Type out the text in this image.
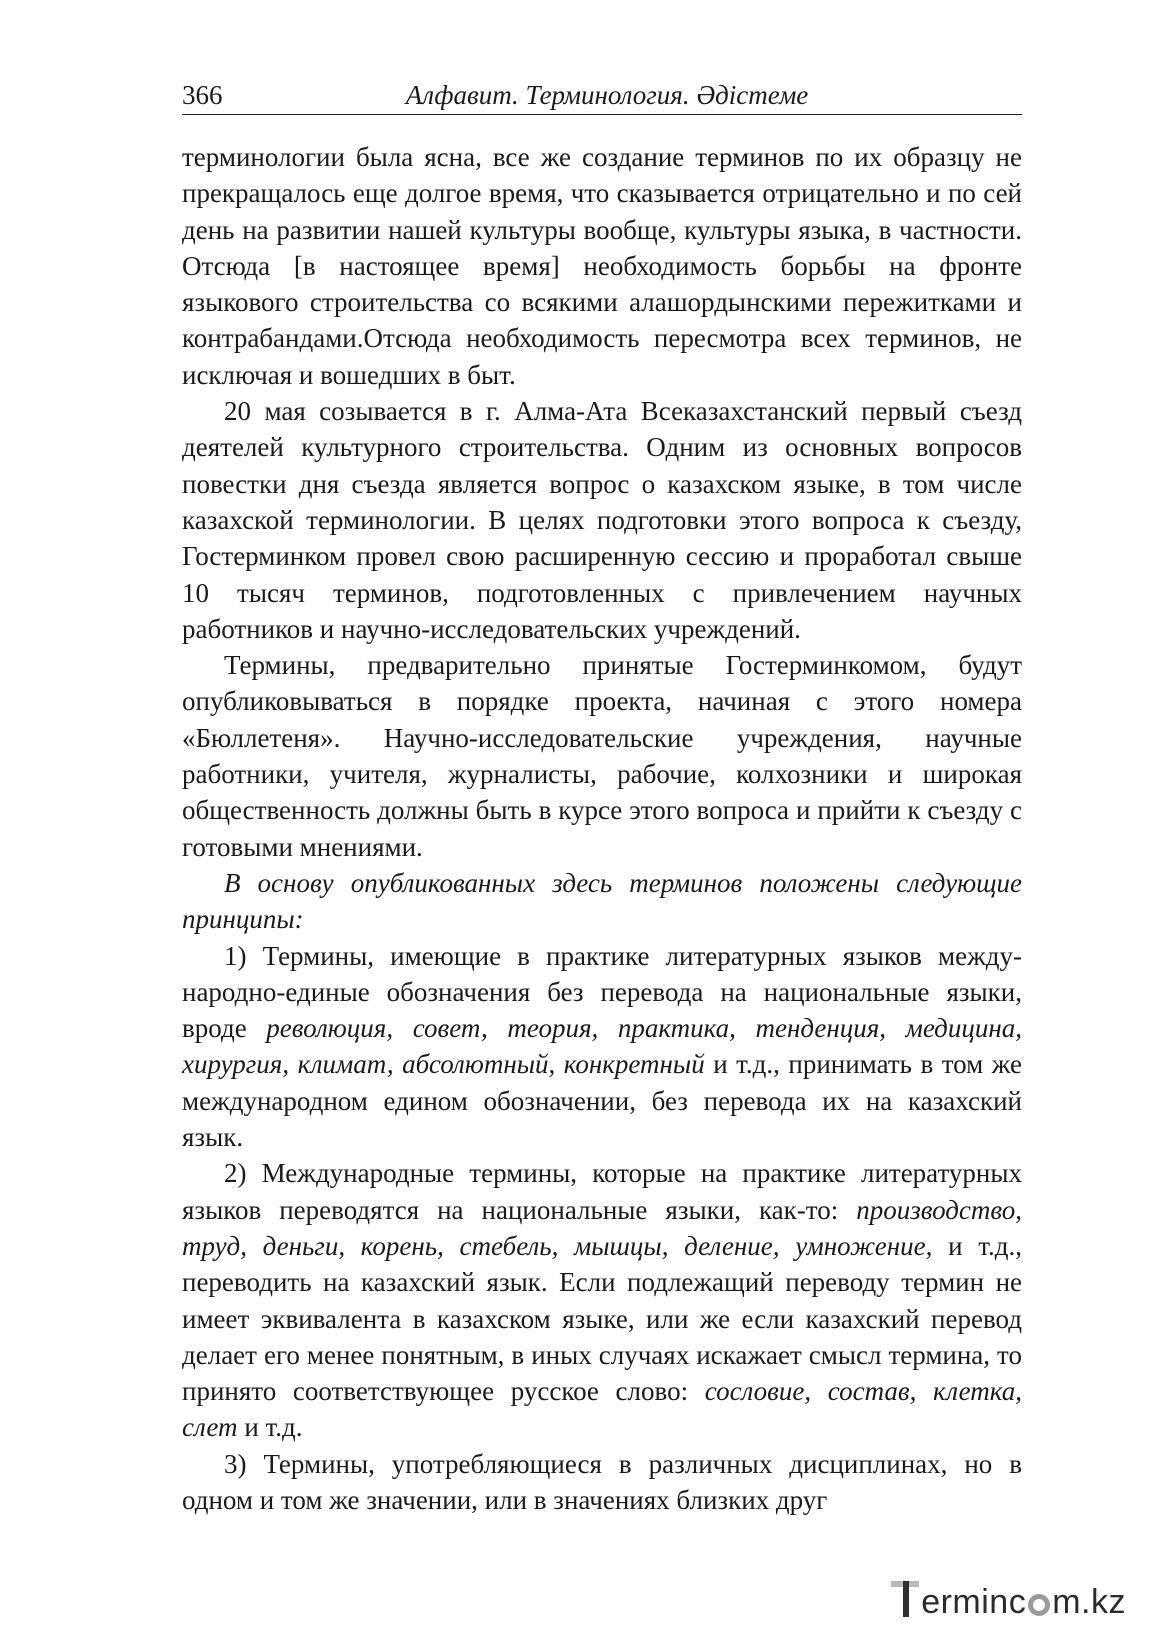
366	Алфавит. Терминология. Әдістеме

терминологии была ясна, все же создание терминов по их образцу не прекращалось еще долгое время, что сказывается отрицательно и по сей день на развитии нашей культуры вообще, культуры языка, в частности. Отсюда [в настоящее время] необходимость борьбы на фронте языкового строительства со всякими алашордынскими пережитками и контрабандами.Отсюда необходимость пересмотра всех терминов, не исключая и вошедших в быт.

20 мая созывается в г. Алма-Ата Всеказахстанский первый съезд деятелей культурного строительства. Одним из основных вопросов повестки дня съезда является вопрос о казахском языке, в том числе казахской терминологии. В целях подготовки этого вопроса к съезду, Гостерминком провел свою расширенную сессию и проработал свыше 10 тысяч терминов, подготовленных с привлечением научных работников и научно-исследовательских учреждений.

Термины, предварительно принятые Гостерминкомом, будут опубликовываться в порядке проекта, начиная с этого номера «Бюллетеня». Научно-исследовательские учреждения, научные работники, учителя, журналисты, рабочие, колхозники и широкая общественность должны быть в курсе этого вопроса и прийти к съезду с готовыми мнениями.

В основу опубликованных здесь терминов положены следующие принципы:

1) Термины, имеющие в практике литературных языков международно-единые обозначения без перевода на национальные языки, вроде революция, совет, теория, практика, тенденция, медицина, хирургия, климат, абсолютный, конкретный и т.д., принимать в том же международном едином обозначении, без перевода их на казахский язык.

2) Международные термины, которые на практике литературных языков переводятся на национальные языки, как-то: производство, труд, деньги, корень, стебель, мышцы, деление, умножение, и т.д., переводить на казахский язык. Если подлежащий переводу термин не имеет эквивалента в казахском языке, или же если казахский перевод делает его менее понятным, в иных случаях искажает смысл термина, то принято соответствующее русское слово: сословие, состав, клетка, слет и т.д.

3) Термины, употребляющиеся в различных дисциплинах, но в одном и том же значении, или в значениях близких друг

erminc m.kz
